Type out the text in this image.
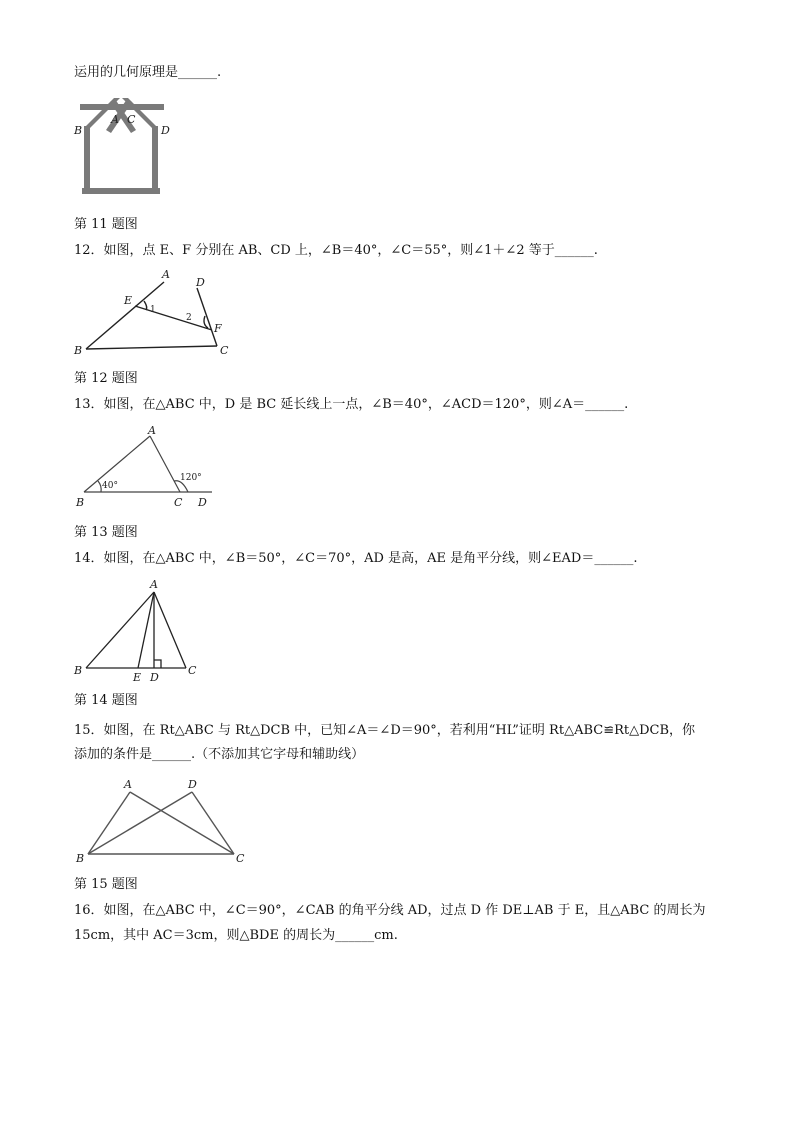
运用的几何原理是______.
B
A C
D
第 11 题图
12．如图，点 E、F 分别在 AB、CD 上，∠B＝40°，∠C＝55°，则∠1＋∠2 等于______.
A
D
E
1
2
F
B	C
第 12 题图
13．如图，在△ABC 中，D 是 BC 延长线上一点，∠B＝40°，∠ACD＝120°，则∠A＝______.
A
40°
120°
B	C D
第 13 题图
14．如图，在△ABC 中，∠B＝50°，∠C＝70°，AD 是高，AE 是角平分线，则∠EAD＝______.
A
B
E D
C
第 14 题图
15．如图，在 Rt△ABC 与 Rt△DCB 中，已知∠A＝∠D＝90°，若利用“HL”证明 Rt△ABC≌Rt△DCB，你
添加的条件是______.（不添加其它字母和辅助线）
A	D
B	C
第 15 题图
16．如图，在△ABC 中，∠C＝90°，∠CAB 的角平分线 AD，过点 D 作 DE⊥AB 于 E，且△ABC 的周长为
15cm，其中 AC＝3cm，则△BDE 的周长为______cm.
